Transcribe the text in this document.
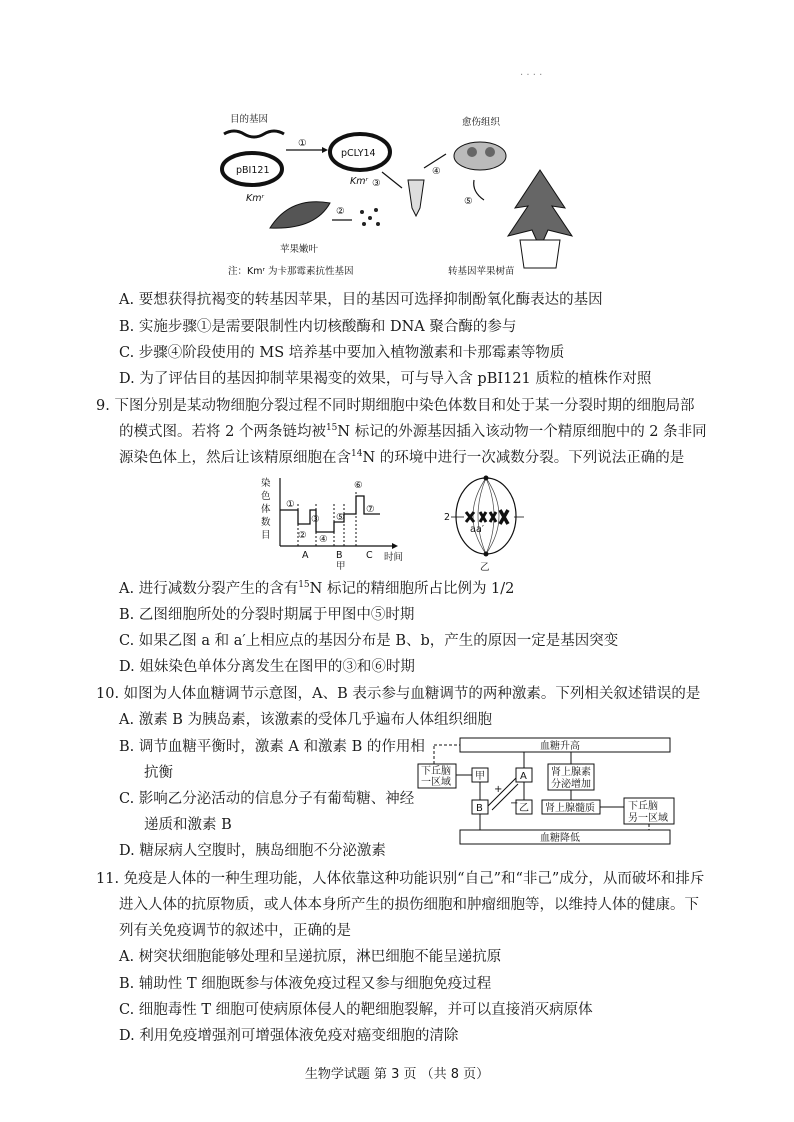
· · · ·
目的基因
pBI121
Kmʳ
①
pCLY14
Kmʳ ③
苹果嫩叶
②
④
愈伤组织
⑤
转基因苹果树苗
注：Kmʳ 为卡那霉素抗性基因
A. 要想获得抗褐变的转基因苹果，目的基因可选择抑制酚氧化酶表达的基因
B. 实施步骤①是需要限制性内切核酸酶和 DNA 聚合酶的参与
C. 步骤④阶段使用的 MS 培养基中要加入植物激素和卡那霉素等物质
D. 为了评估目的基因抑制苹果褐变的效果，可与导入含 pBI121 质粒的植株作对照
9. 下图分别是某动物细胞分裂过程不同时期细胞中染色体数目和处于某一分裂时期的细胞局部
的模式图。若将 2 个两条链均被$^{15}$N 标记的外源基因插入该动物一个精原细胞中的 2 条非同
源染色体上，然后让该精原细胞在含$^{14}$N 的环境中进行一次减数分裂。下列说法正确的是
染
色
体
数
目
时间
①
②
③
④
⑤
⑥
⑦
A	B C
甲
2
a a′
乙
A. 进行减数分裂产生的含有$^{15}$N 标记的精细胞所占比例为 1/2
B. 乙图细胞所处的分裂时期属于甲图中⑤时期
C. 如果乙图 a 和 a′上相应点的基因分布是 B、b，产生的原因一定是基因突变
D. 姐妹染色单体分离发生在图甲的③和⑥时期
10. 如图为人体血糖调节示意图，A、B 表示参与血糖调节的两种激素。下列相关叙述错误的是
A. 激素 B 为胰岛素，该激素的受体几乎遍布人体组织细胞
B. 调节血糖平衡时，激素 A 和激素 B 的作用相
抗衡
C. 影响乙分泌活动的信息分子有葡萄糖、神经
递质和激素 B
D. 糖尿病人空腹时，胰岛细胞不分泌激素
血糖升高
血糖降低
下丘脑
一区域
甲
B
A
乙
+
−
肾上腺素
分泌增加
肾上腺髓质	下丘脑
另一区域
11. 免疫是人体的一种生理功能，人体依靠这种功能识别“自己”和“非己”成分，从而破坏和排斥
进入人体的抗原物质，或人体本身所产生的损伤细胞和肿瘤细胞等，以维持人体的健康。下
列有关免疫调节的叙述中，正确的是
A. 树突状细胞能够处理和呈递抗原，淋巴细胞不能呈递抗原
B. 辅助性 T 细胞既参与体液免疫过程又参与细胞免疫过程
C. 细胞毒性 T 细胞可使病原体侵人的靶细胞裂解，并可以直接消灭病原体
D. 利用免疫增强剂可增强体液免疫对癌变细胞的清除
生物学试题 第 3 页 （共 8 页）
